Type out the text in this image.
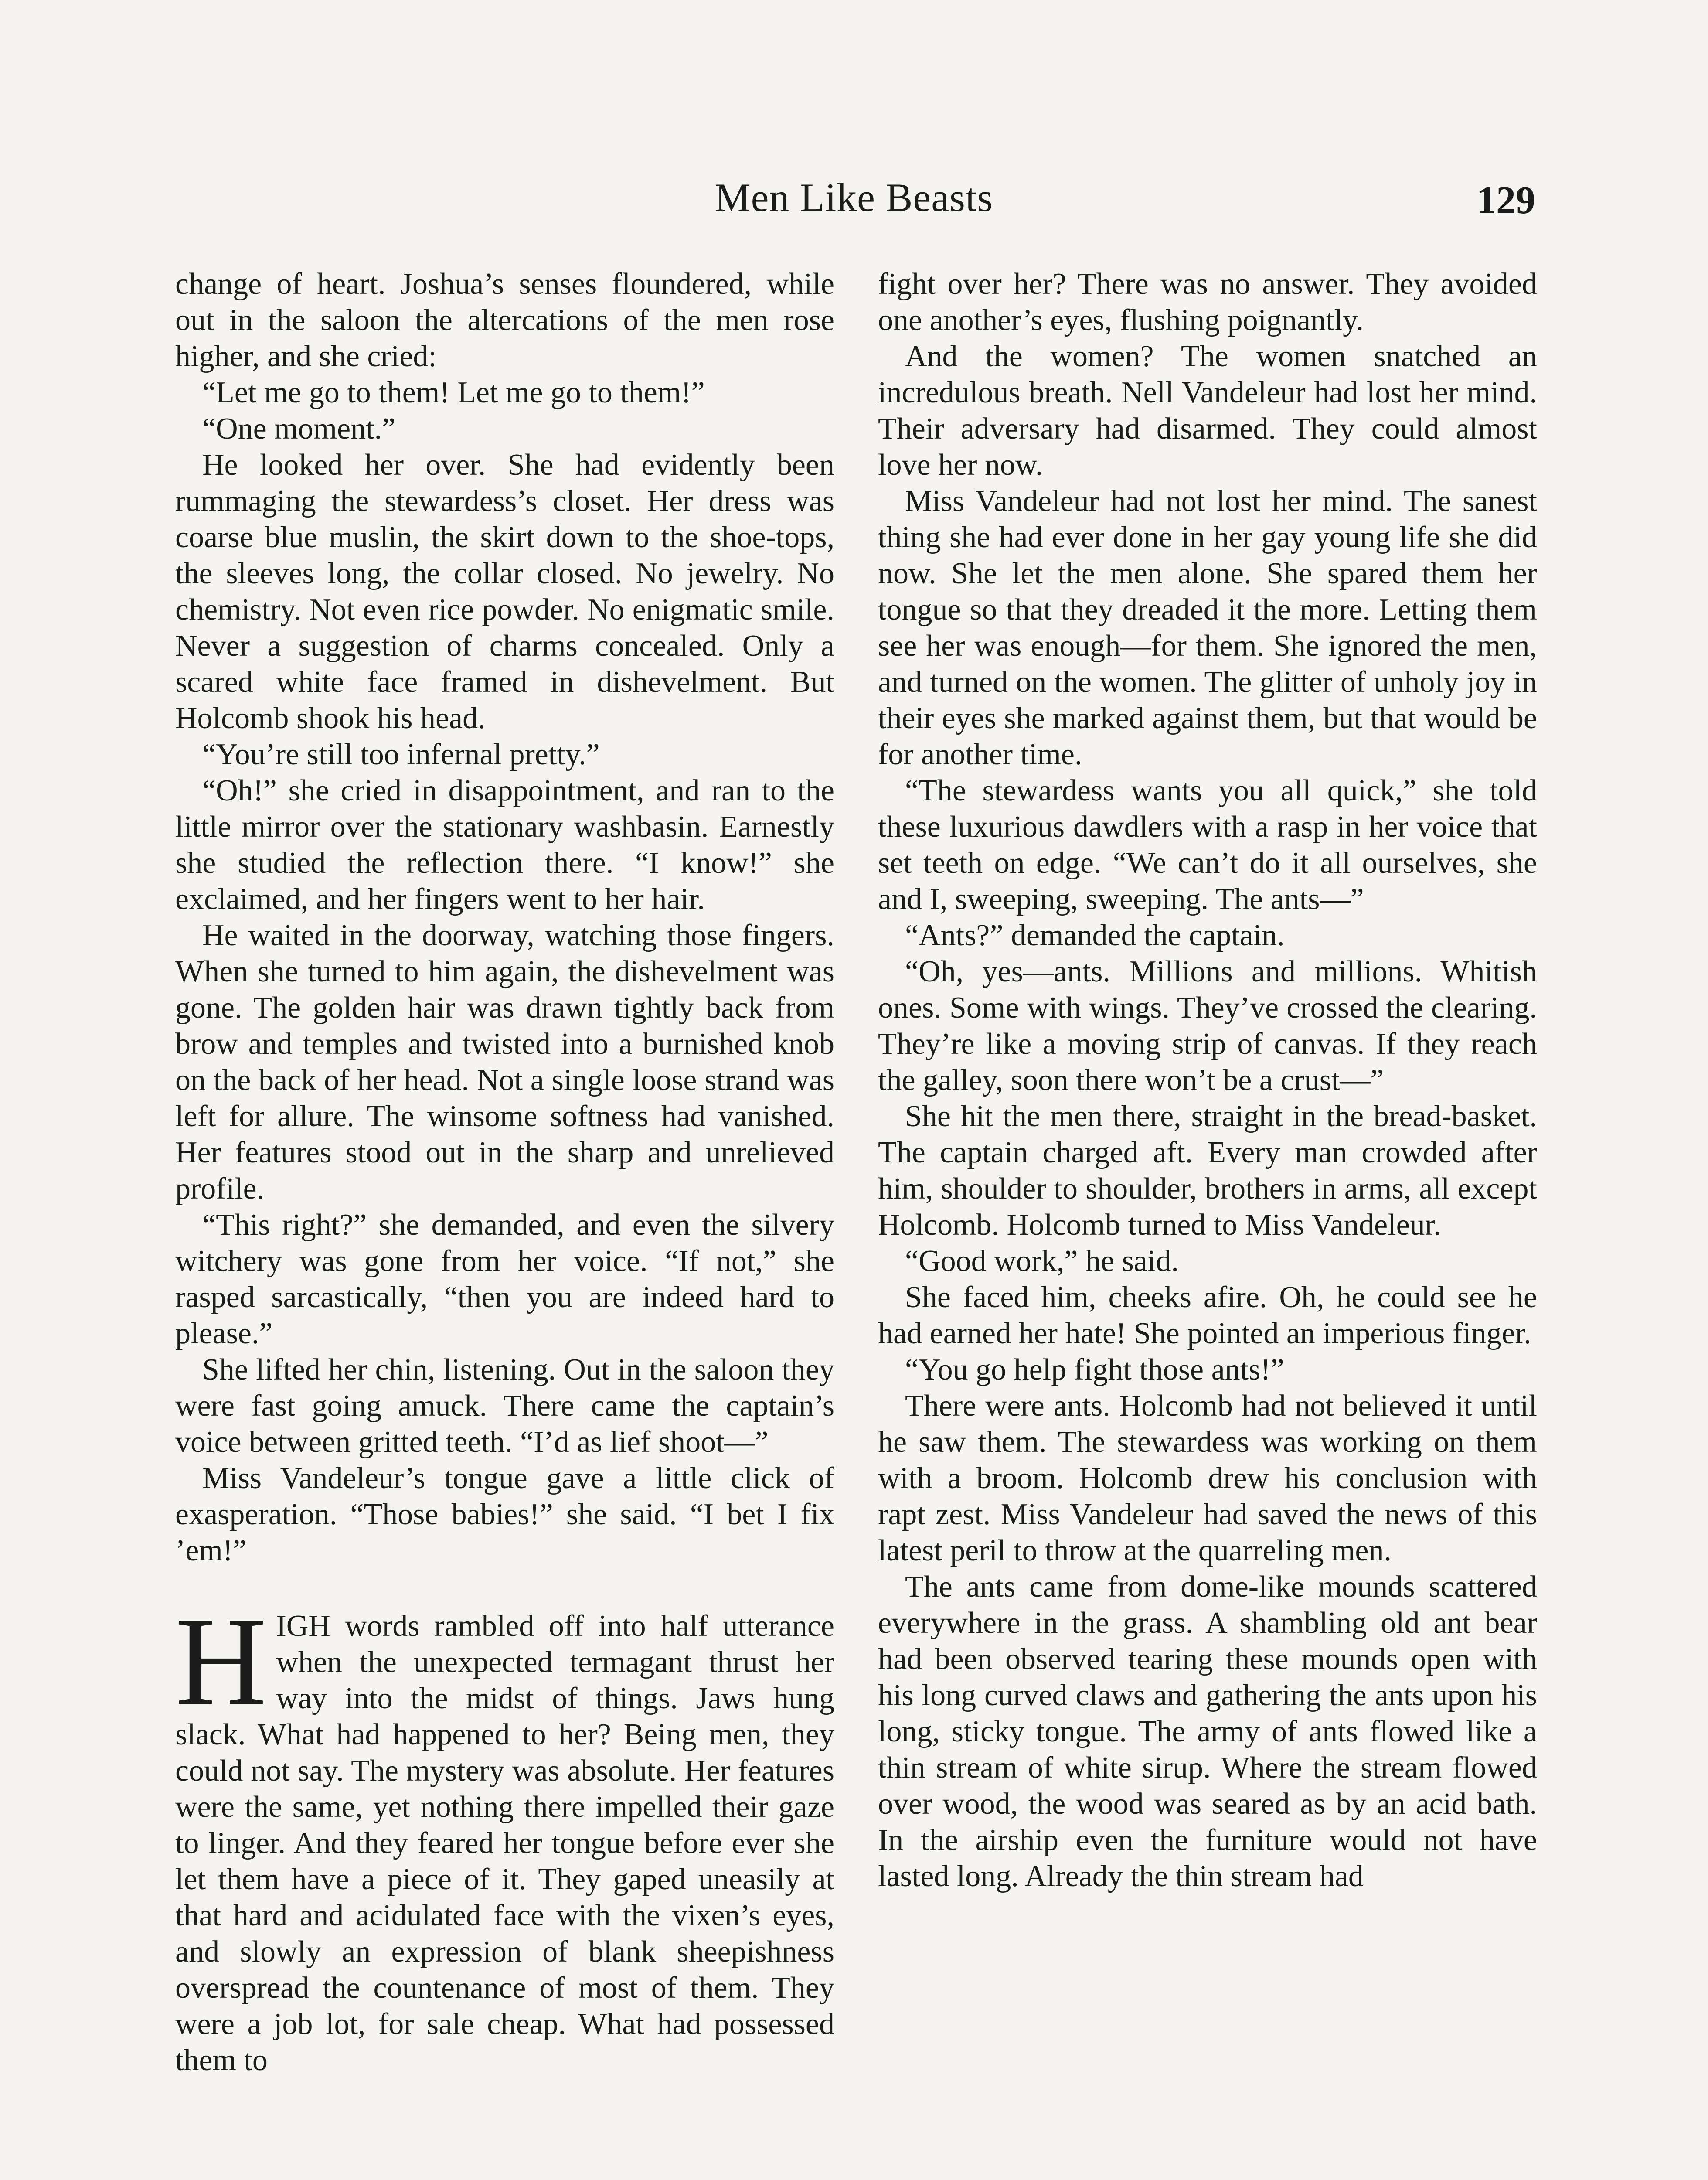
Men Like Beasts	129

change of heart. Joshua’s senses floundered, while out in the saloon the altercations of the men rose higher, and she cried:

“Let me go to them! Let me go to them!”

“One moment.”

He looked her over. She had evidently been rummaging the stewardess’s closet. Her dress was coarse blue muslin, the skirt down to the shoe-tops, the sleeves long, the collar closed. No jewelry. No chemistry. Not even rice powder. No enigmatic smile. Never a suggestion of charms concealed. Only a scared white face framed in dishevelment. But Holcomb shook his head.

“You’re still too infernal pretty.”

“Oh!” she cried in disappointment, and ran to the little mirror over the stationary washbasin. Earnestly she studied the reflection there. “I know!” she exclaimed, and her fingers went to her hair.

He waited in the doorway, watching those fingers. When she turned to him again, the dishevelment was gone. The golden hair was drawn tightly back from brow and temples and twisted into a burnished knob on the back of her head. Not a single loose strand was left for allure. The winsome softness had vanished. Her features stood out in the sharp and unrelieved profile.

“This right?” she demanded, and even the silvery witchery was gone from her voice. “If not,” she rasped sarcastically, “then you are indeed hard to please.”

She lifted her chin, listening. Out in the saloon they were fast going amuck. There came the captain’s voice between gritted teeth. “I’d as lief shoot—”

Miss Vandeleur’s tongue gave a little click of exasperation. “Those babies!” she said. “I bet I fix ’em!”

HIGH words rambled off into half utterance when the unexpected termagant thrust her way into the midst of things. Jaws hung slack. What had happened to her? Being men, they could not say. The mystery was absolute. Her features were the same, yet nothing there impelled their gaze to linger. And they feared her tongue before ever she let them have a piece of it. They gaped uneasily at that hard and acidulated face with the vixen’s eyes, and slowly an expression of blank sheepishness overspread the countenance of most of them. They were a job lot, for sale cheap. What had possessed them to

fight over her? There was no answer. They avoided one another’s eyes, flushing poignantly.

And the women? The women snatched an incredulous breath. Nell Vandeleur had lost her mind. Their adversary had disarmed. They could almost love her now.

Miss Vandeleur had not lost her mind. The sanest thing she had ever done in her gay young life she did now. She let the men alone. She spared them her tongue so that they dreaded it the more. Letting them see her was enough—for them. She ignored the men, and turned on the women. The glitter of unholy joy in their eyes she marked against them, but that would be for another time.

“The stewardess wants you all quick,” she told these luxurious dawdlers with a rasp in her voice that set teeth on edge. “We can’t do it all ourselves, she and I, sweeping, sweeping. The ants—”

“Ants?” demanded the captain.

“Oh, yes—ants. Millions and millions. Whitish ones. Some with wings. They’ve crossed the clearing. They’re like a moving strip of canvas. If they reach the galley, soon there won’t be a crust—”

She hit the men there, straight in the bread-basket. The captain charged aft. Every man crowded after him, shoulder to shoulder, brothers in arms, all except Holcomb. Holcomb turned to Miss Vandeleur.

“Good work,” he said.

She faced him, cheeks afire. Oh, he could see he had earned her hate! She pointed an imperious finger.

“You go help fight those ants!”

There were ants. Holcomb had not believed it until he saw them. The stewardess was working on them with a broom. Holcomb drew his conclusion with rapt zest. Miss Vandeleur had saved the news of this latest peril to throw at the quarreling men.

The ants came from dome-like mounds scattered everywhere in the grass. A shambling old ant bear had been observed tearing these mounds open with his long curved claws and gathering the ants upon his long, sticky tongue. The army of ants flowed like a thin stream of white sirup. Where the stream flowed over wood, the wood was seared as by an acid bath. In the airship even the furniture would not have lasted long. Already the thin stream had
